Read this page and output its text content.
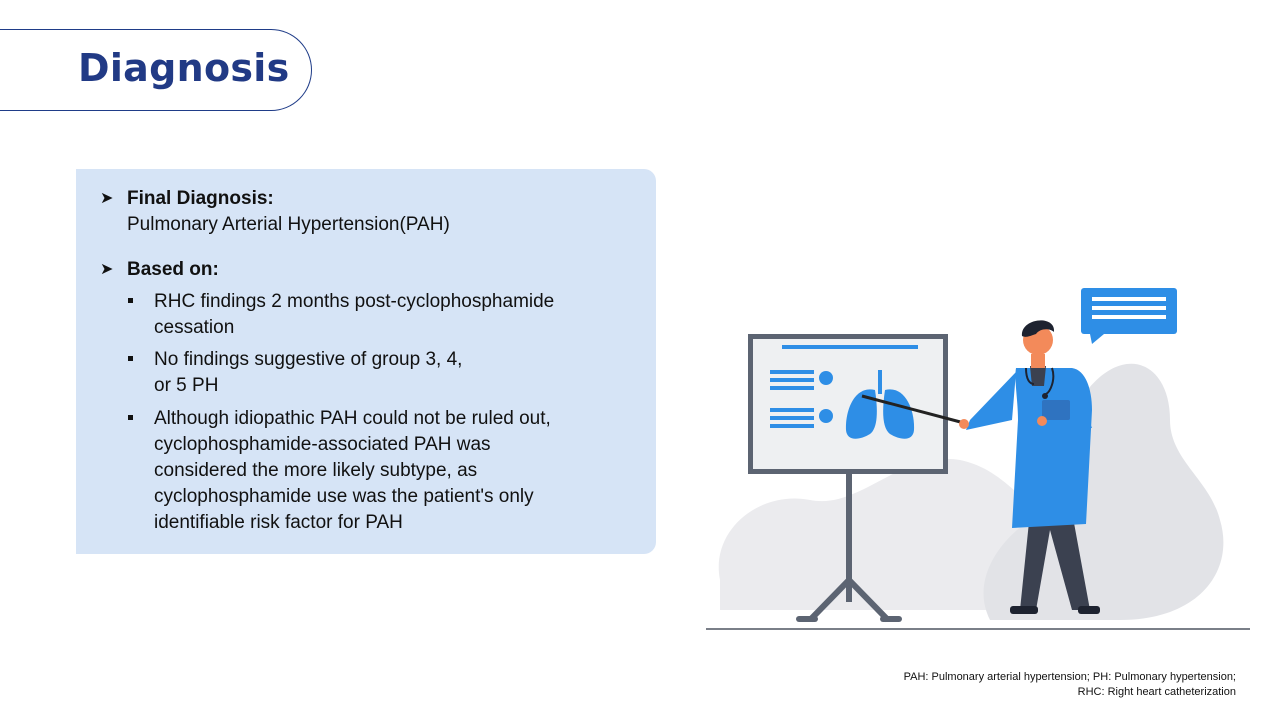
Diagnosis
➤ Final Diagnosis:
Pulmonary Arterial Hypertension(PAH)
➤ Based on:
RHC findings 2 months post-cyclophosphamide
cessation
No findings suggestive of group 3, 4,
or 5 PH
Although idiopathic PAH could not be ruled out,
cyclophosphamide-associated PAH was
considered the more likely subtype, as
cyclophosphamide use was the patient's only
identifiable risk factor for PAH
PAH: Pulmonary arterial hypertension; PH: Pulmonary hypertension; RHC: Right heart catheterization
